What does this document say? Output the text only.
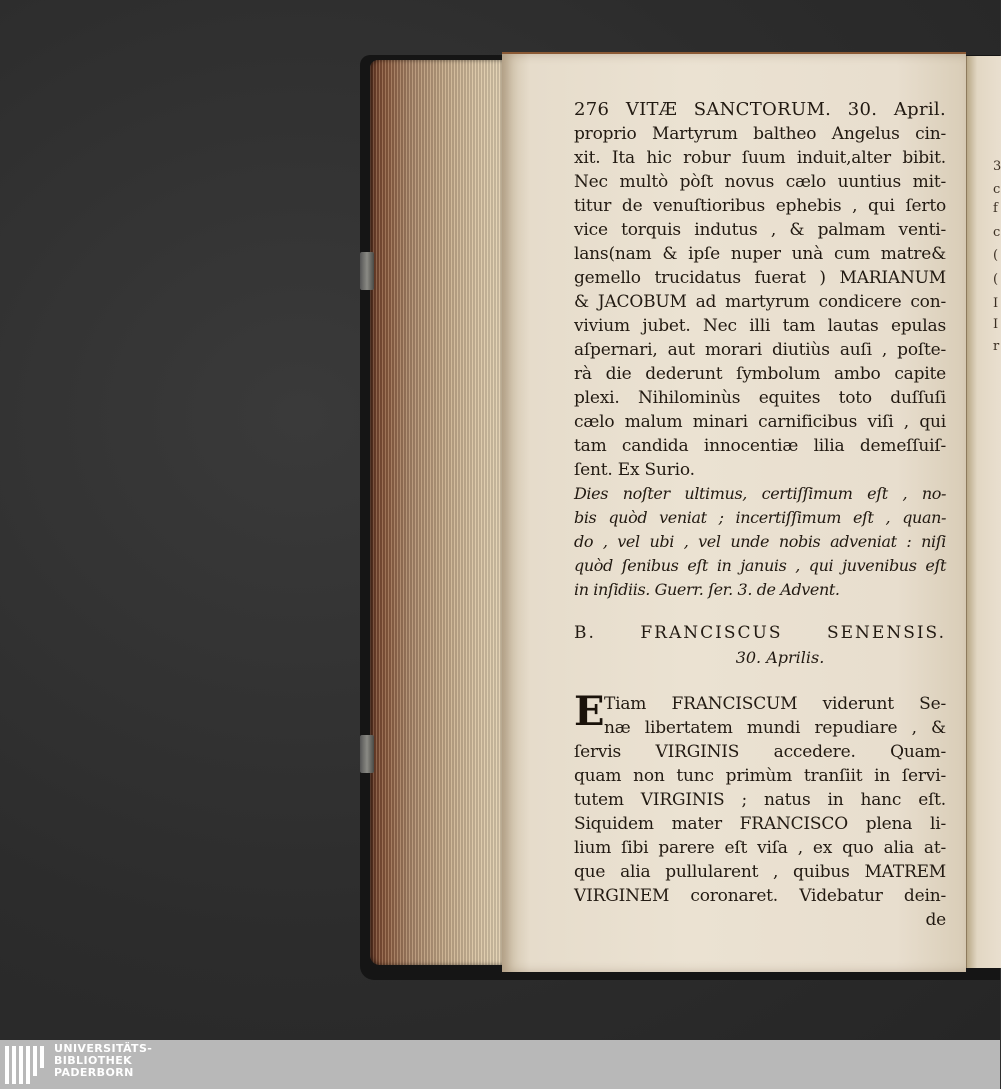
3
c
f
c
(
(
I
I
r
276 VITÆ SANCTORUM. 30. April.
proprio Martyrum baltheo Angelus cin-
xit. Ita hic robur ſuum induit,alter bibit.
Nec multò pòſt novus cælo uuntius mit-
titur de venuſtioribus ephebis , qui ſerto
vice torquis indutus , & palmam venti-
lans(nam & ipſe nuper unà cum matre&
gemello trucidatus fuerat ) MARIANUM
& JACOBUM ad martyrum condicere con-
vivium jubet. Nec illi tam lautas epulas
aſpernari, aut morari diutiùs auſi , poſte-
rà die dederunt ſymbolum ambo capite
plexi. Nihilominùs equites toto duſſuſi
cælo malum minari carnificibus viſi , qui
tam candida innocentiæ lilia demeſſuiſ-
ſent. Ex Surio.
Dies noſter ultimus, certiſſimum eſt , no-
bis quòd veniat ; incertiſſimum eſt , quan-
do , vel ubi , vel unde nobis adveniat : niſi
quòd ſenibus eſt in januis , qui juvenibus eſt
in inſidiis. Guerr. ſer. 3. de Advent.
B. FRANCISCUS SENENSIS.
30. Aprilis.
E Tiam FRANCISCUM viderunt Se-
næ libertatem mundi repudiare , &
ſervis VIRGINIS accedere. Quam-
quam non tunc primùm tranſiit in ſervi-
tutem VIRGINIS ; natus in hanc eſt.
Siquidem mater FRANCISCO plena li-
lium ſibi parere eſt viſa , ex quo alia at-
que alia pullularent , quibus MATREM
VIRGINEM coronaret. Videbatur dein-
de
UNIVERSITÄTS-
BIBLIOTHEK
PADERBORN
